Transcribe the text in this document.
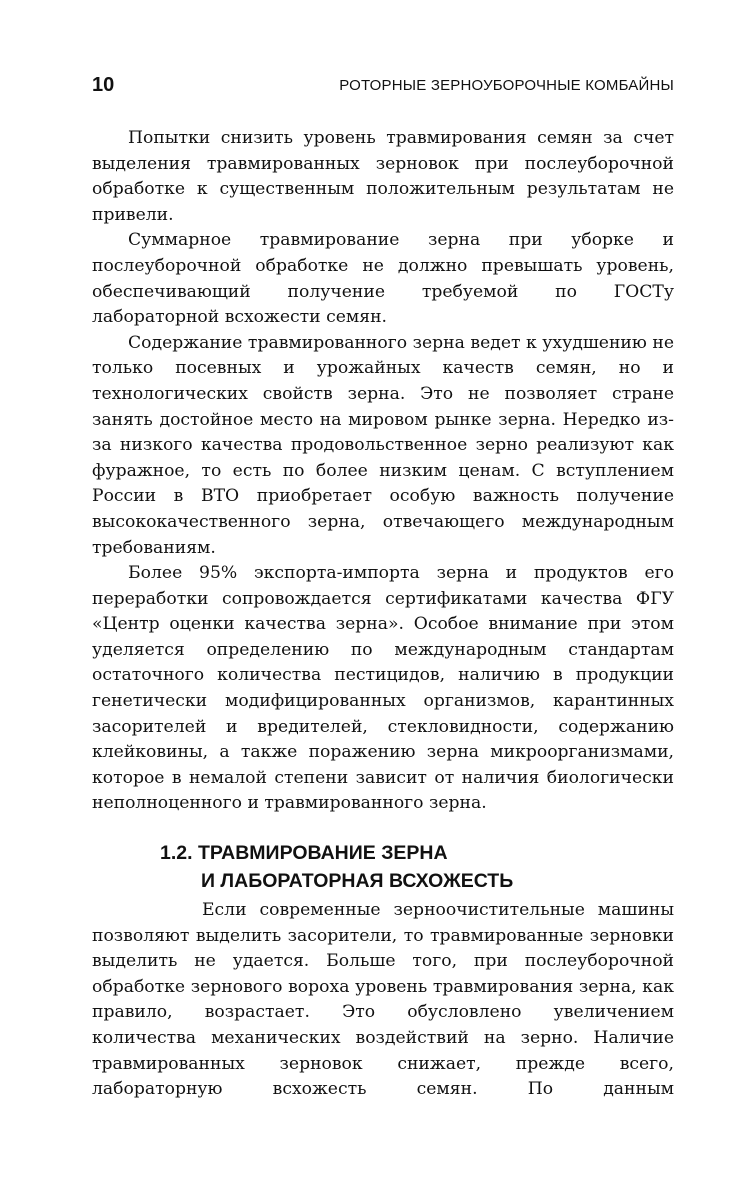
10	РОТОРНЫЕ ЗЕРНОУБОРОЧНЫЕ КОМБАЙНЫ

Попытки снизить уровень травмирования семян за счет выделения травмированных зерновок при послеуборочной обработке к существенным положительным результатам не привели.

Суммарное травмирование зерна при уборке и послеуборочной обработке не должно превышать уровень, обеспечивающий получение требуемой по ГОСТу лабораторной всхожести семян.

Содержание травмированного зерна ведет к ухудшению не только посевных и урожайных качеств семян, но и технологических свойств зерна. Это не позволяет стране занять достойное место на мировом рынке зерна. Нередко из-за низкого качества продовольственное зерно реализуют как фуражное, то есть по более низким ценам. С вступлением России в ВТО приобретает особую важность получение высококачественного зерна, отвечающего международным требованиям.

Более 95% экспорта-импорта зерна и продуктов его переработки сопровождается сертификатами качества ФГУ «Центр оценки качества зерна». Особое внимание при этом уделяется определению по международным стандартам остаточного количества пестицидов, наличию в продукции генетически модифицированных организмов, карантинных засорителей и вредителей, стекловидности, содержанию клейковины, а также поражению зерна микроорганизмами, которое в немалой степени зависит от наличия биологически неполноценного и травмированного зерна.

1.2. ТРАВМИРОВАНИЕ ЗЕРНА
И ЛАБОРАТОРНАЯ ВСХОЖЕСТЬ

Если современные зерноочистительные машины позволяют выделить засорители, то травмированные зерновки выделить не удается. Больше того, при послеуборочной обработке зернового вороха уровень травмирования зерна, как правило, возрастает. Это обусловлено увеличением количества механических воздействий на зерно. Наличие травмированных зерновок снижает, прежде всего, лабораторную всхожесть семян. По данным
